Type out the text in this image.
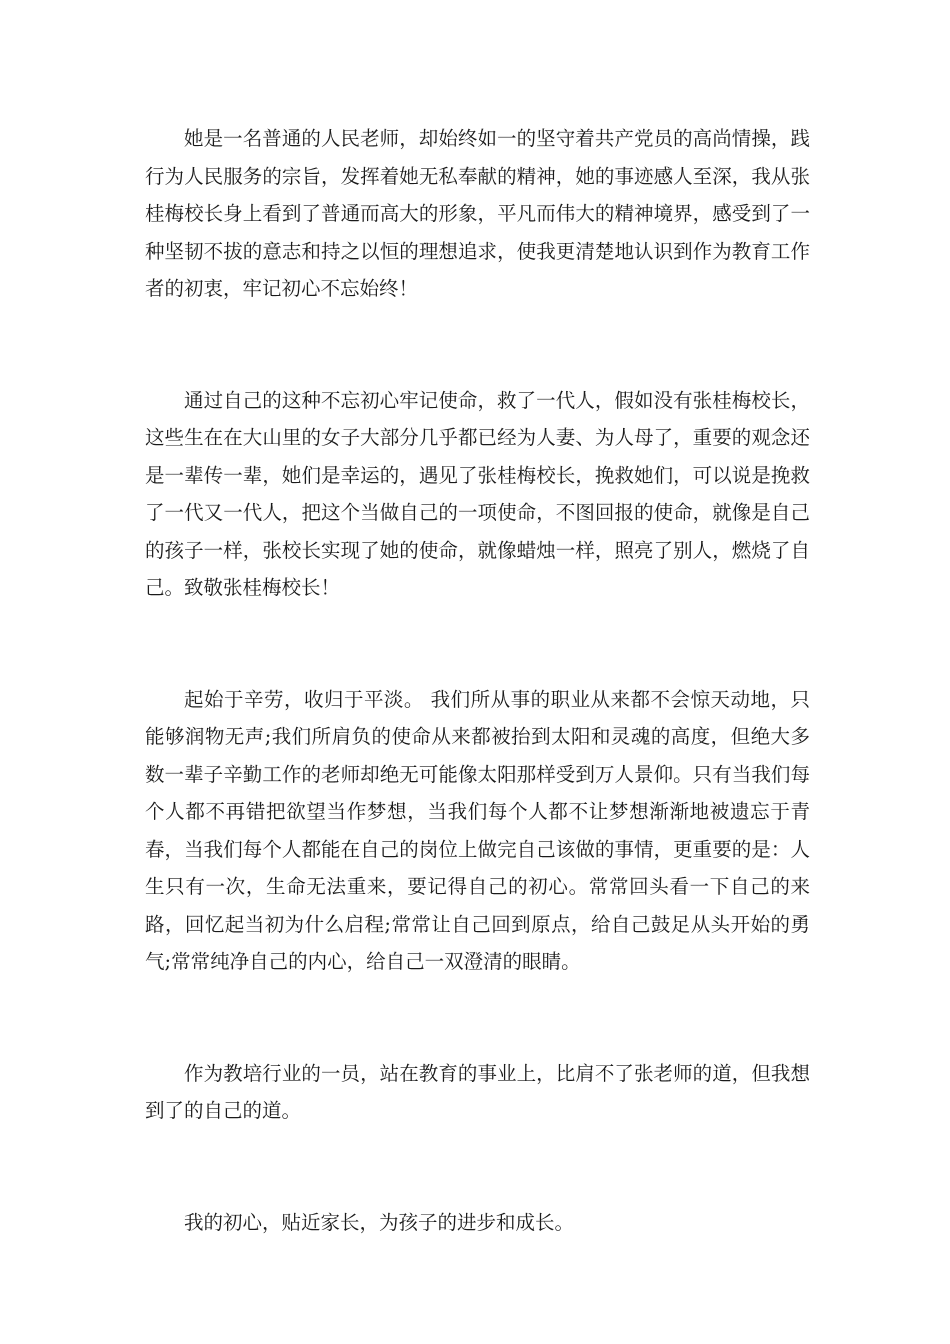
她是一名普通的人民老师，却始终如一的坚守着共产党员的高尚情操，践行为人民服务的宗旨，发挥着她无私奉献的精神，她的事迹感人至深，我从张桂梅校长身上看到了普通而高大的形象，平凡而伟大的精神境界，感受到了一种坚韧不拔的意志和持之以恒的理想追求，使我更清楚地认识到作为教育工作者的初衷，牢记初心不忘始终！

通过自己的这种不忘初心牢记使命，救了一代人，假如没有张桂梅校长，这些生在在大山里的女子大部分几乎都已经为人妻、为人母了，重要的观念还是一辈传一辈，她们是幸运的，遇见了张桂梅校长，挽救她们，可以说是挽救了一代又一代人，把这个当做自己的一项使命，不图回报的使命，就像是自己的孩子一样，张校长实现了她的使命，就像蜡烛一样，照亮了别人，燃烧了自己。致敬张桂梅校长！

起始于辛劳，收归于平淡。 我们所从事的职业从来都不会惊天动地，只能够润物无声;我们所肩负的使命从来都被抬到太阳和灵魂的高度，但绝大多数一辈子辛勤工作的老师却绝无可能像太阳那样受到万人景仰。只有当我们每个人都不再错把欲望当作梦想，当我们每个人都不让梦想渐渐地被遗忘于青春，当我们每个人都能在自己的岗位上做完自己该做的事情，更重要的是：人生只有一次，生命无法重来，要记得自己的初心。常常回头看一下自己的来路，回忆起当初为什么启程;常常让自己回到原点，给自己鼓足从头开始的勇气;常常纯净自己的内心，给自己一双澄清的眼睛。

作为教培行业的一员，站在教育的事业上，比肩不了张老师的道，但我想到了的自己的道。

我的初心，贴近家长，为孩子的进步和成长。
